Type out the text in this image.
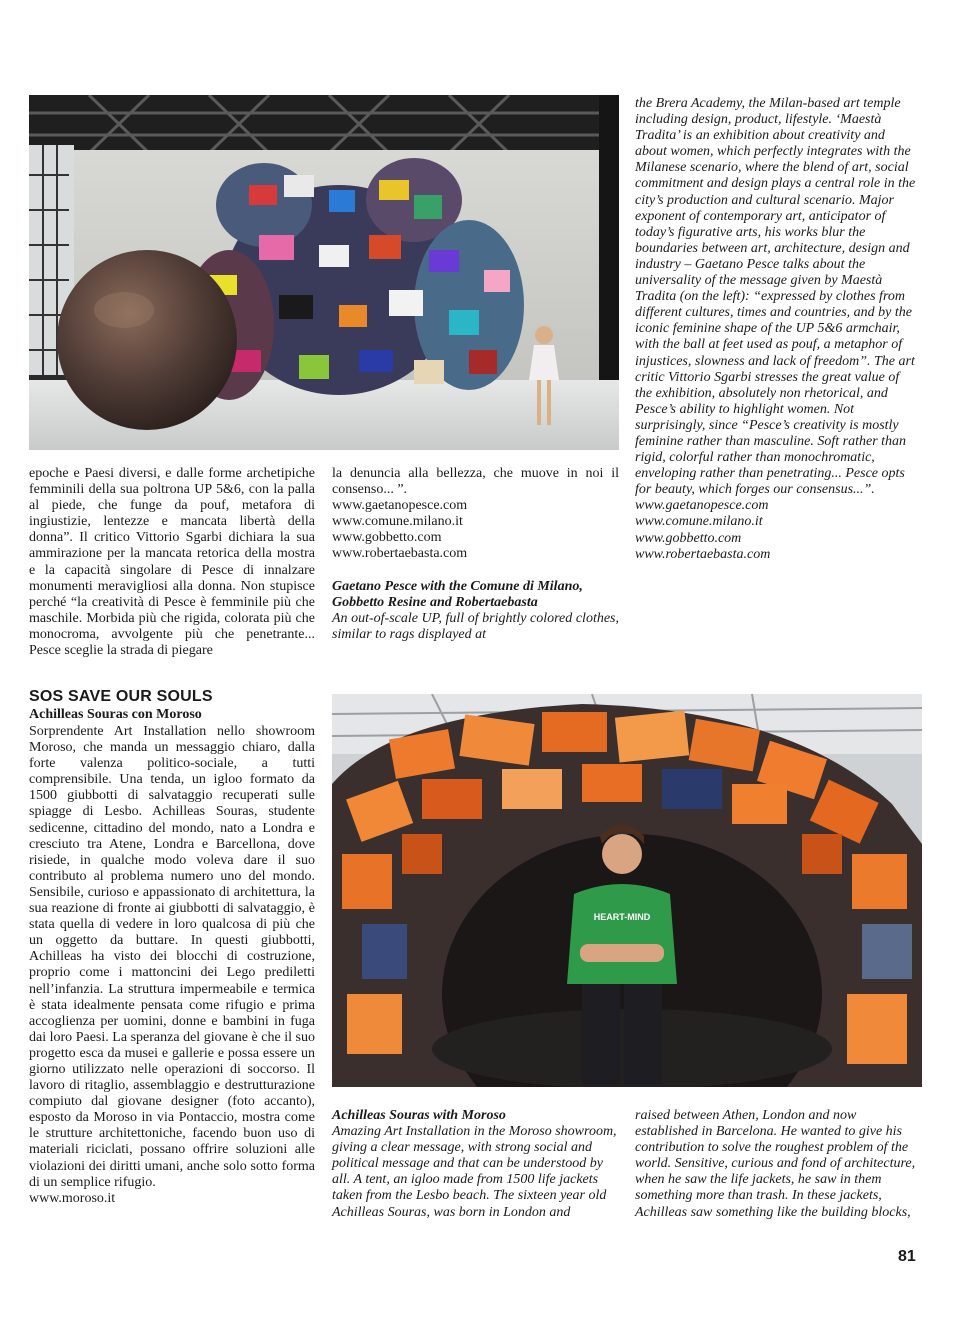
epoche e Paesi diversi, e dalle forme archetipiche femminili della sua poltrona UP 5&6, con la palla al piede, che funge da pouf, metafora di ingiustizie, lentezze e mancata libertà della donna”. Il critico Vittorio Sgarbi dichiara la sua ammirazione per la mancata retorica della mostra e la capacità singolare di Pesce di innalzare monumenti meravigliosi alla donna. Non stupisce perché “la creatività di Pesce è femminile più che maschile. Morbida più che rigida, colorata più che monocroma, avvolgente più che penetrante... Pesce sceglie la strada di piegare

la denuncia alla bellezza, che muove in noi il consenso... ”.

www.gaetanopesce.com
www.comune.milano.it
www.gobbetto.com
www.robertaebasta.com
Gaetano Pesce with the Comune di Milano, Gobbetto Resine and Robertaebasta

An out-of-scale UP, full of brightly colored clothes, similar to rags displayed at

the Brera Academy, the Milan-based art temple including design, product, lifestyle. ‘Maestà Tradita’ is an exhibition about creativity and about women, which perfectly integrates with the Milanese scenario, where the blend of art, social commitment and design plays a central role in the city’s production and cultural scenario. Major exponent of contemporary art, anticipator of today’s figurative arts, his works blur the boundaries between art, architecture, design and industry – Gaetano Pesce talks about the universality of the message given by Maestà Tradita (on the left): “expressed by clothes from different cultures, times and countries, and by the iconic feminine shape of the UP 5&6 armchair, with the ball at feet used as pouf, a metaphor of injustices, slowness and lack of freedom”. The art critic Vittorio Sgarbi stresses the great value of the exhibition, absolutely non rhetorical, and Pesce’s ability to highlight women. Not surprisingly, since “Pesce’s creativity is mostly feminine rather than masculine. Soft rather than rigid, colorful rather than monochromatic, enveloping rather than penetrating... Pesce opts for beauty, which forges our consensus...”.

www.gaetanopesce.com
www.comune.milano.it
www.gobbetto.com
www.robertaebasta.com
SOS SAVE OUR SOULS
Achilleas Souras con Moroso

Sorprendente Art Installation nello showroom Moroso, che manda un messaggio chiaro, dalla forte valenza politico-sociale, a tutti comprensibile. Una tenda, un igloo formato da 1500 giubbotti di salvataggio recuperati sulle spiagge di Lesbo. Achilleas Souras, studente sedicenne, cittadino del mondo, nato a Londra e cresciuto tra Atene, Londra e Barcellona, dove risiede, in qualche modo voleva dare il suo contributo al problema numero uno del mondo. Sensibile, curioso e appassionato di architettura, la sua reazione di fronte ai giubbotti di salvataggio, è stata quella di vedere in loro qualcosa di più che un oggetto da buttare. In questi giubbotti, Achilleas ha visto dei blocchi di costruzione, proprio come i mattoncini dei Lego prediletti nell’infanzia. La struttura impermeabile e termica è stata idealmente pensata come rifugio e prima accoglienza per uomini, donne e bambini in fuga dai loro Paesi. La speranza del giovane è che il suo progetto esca da musei e gallerie e possa essere un giorno utilizzato nelle operazioni di soccorso. Il lavoro di ritaglio, assemblaggio e destrutturazione compiuto dal giovane designer (foto accanto), esposto da Moroso in via Pontaccio, mostra come le strutture architettoniche, facendo buon uso di materiali riciclati, possano offrire soluzioni alle violazioni dei diritti umani, anche solo sotto forma di un semplice rifugio.

www.moroso.it
HEART-MIND
Achilleas Souras with Moroso

Amazing Art Installation in the Moroso showroom, giving a clear message, with strong social and political message and that can be understood by all. A tent, an igloo made from 1500 life jackets taken from the Lesbo beach. The sixteen year old Achilleas Souras, was born in London and

raised between Athen, London and now established in Barcelona. He wanted to give his contribution to solve the roughest problem of the world. Sensitive, curious and fond of architecture, when he saw the life jackets, he saw in them something more than trash. In these jackets, Achilleas saw something like the building blocks,

81
